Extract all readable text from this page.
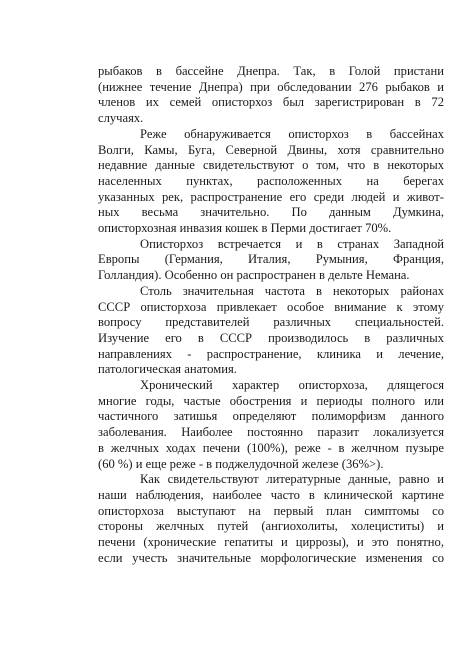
рыбаков в бассейне Днепра. Так, в Голой пристани
(нижнее течение Днепра) при обследовании 276 рыбаков и
членов их семей описторхоз был зарегистрирован в 72
случаях.
Реже обнаруживается описторхоз в бассейнах
Волги, Камы, Буга, Северной Двины, хотя сравнительно
недавние данные свидетельствуют о том, что в некоторых
населенных пунктах, расположенных на берегах
указанных рек, распространение его среди людей и живот-
ных весьма значительно. По данным Думкина,
описторхозная инвазия кошек в Перми достигает 70%.
Описторхоз встречается и в странах Западной
Европы (Германия, Италия, Румыния, Франция,
Голландия). Особенно он распространен в дельте Немана.
Столь значительная частота в некоторых районах
СССР описторхоза привлекает особое внимание к этому
вопросу представителей различных специальностей.
Изучение его в СССР производилось в различных
направлениях - распространение, клиника и лечение,
патологическая анатомия.
Хронический характер описторхоза, длящегося
многие годы, частые обострения и периоды полного или
частичного затишья определяют полиморфизм данного
заболевания. Наиболее постоянно паразит локализуется
в желчных ходах печени (100%), реже - в желчном пузыре
(60 %) и еще реже - в поджелудочной железе (36%>).
Как свидетельствуют литературные данные, равно и
наши наблюдения, наиболее часто в клинической картине
описторхоза выступают на первый план симптомы со
стороны желчных путей (ангиохолиты, холециститы) и
печени (хронические гепатиты и циррозы), и это понятно,
если учесть значительные морфологические изменения со
